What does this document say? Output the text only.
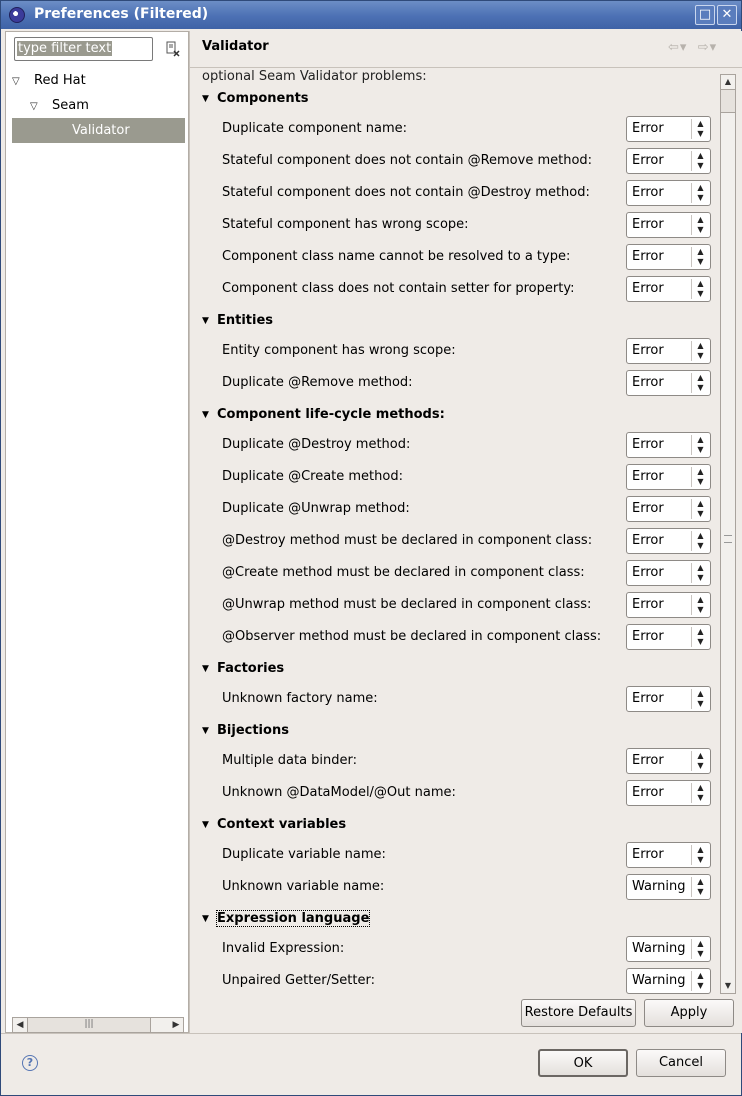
Preferences (Filtered)	□ ✕
type filter text
▽ Red Hat
▽ Seam
Validator
◀	|||	▶
Validator	⇦▾  ⇨▾
optional Seam Validator problems:
▼ Components
Duplicate component name:	Error	▲
▼
Stateful component does not contain @Remove method:	Error	▲
▼
Stateful component does not contain @Destroy method:	Error	▲
▼
Stateful component has wrong scope:	Error	▲
▼
Component class name cannot be resolved to a type:	Error	▲
▼
Component class does not contain setter for property:	Error	▲
▼
▼ Entities
Entity component has wrong scope:	Error	▲
▼
Duplicate @Remove method:	Error	▲
▼
▼ Component life-cycle methods:
Duplicate @Destroy method:	Error	▲
▼
Duplicate @Create method:	Error	▲
▼
Duplicate @Unwrap method:	Error	▲
▼
@Destroy method must be declared in component class:	Error	▲
▼
@Create method must be declared in component class:	Error	▲
▼
@Unwrap method must be declared in component class:	Error	▲
▼
@Observer method must be declared in component class: Error	▲
▼
▼ Factories
Unknown factory name:	Error	▲
▼
▼ Bijections
Multiple data binder:	Error	▲
▼
Unknown @DataModel/@Out name:	Error	▲
▼
▼ Context variables
Duplicate variable name:	Error	▲
▼
Unknown variable name:	Warning	▲
▼
▼ Expression language
Invalid Expression:	Warning	▲
▼
Unpaired Getter/Setter:	Warning	▲
▼
▲
▼
Restore Defaults	Apply
?	OK	Cancel
